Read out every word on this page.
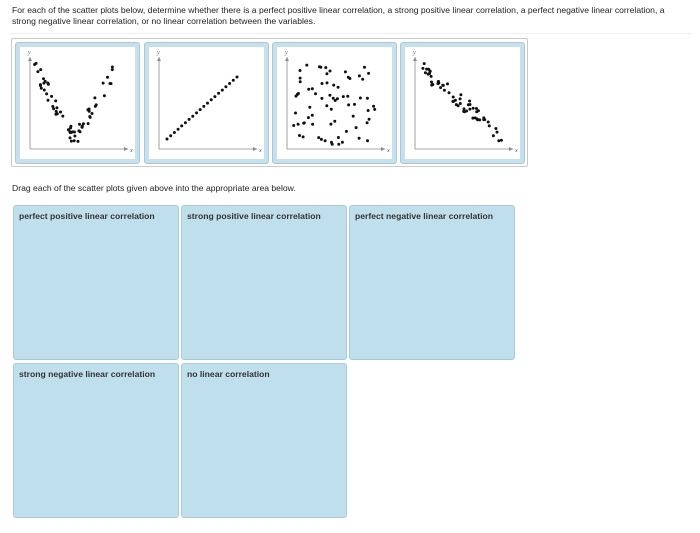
For each of the scatter plots below, determine whether there is a perfect positive linear correlation, a strong positive linear correlation, a perfect negative linear correlation, a strong negative linear correlation, or no linear correlation between the variables.
x
y
x
y
x
y
x
y
Drag each of the scatter plots given above into the appropriate area below.
perfect positive linear correlation	strong positive linear correlation	perfect negative linear correlation
strong negative linear correlation	no linear correlation
